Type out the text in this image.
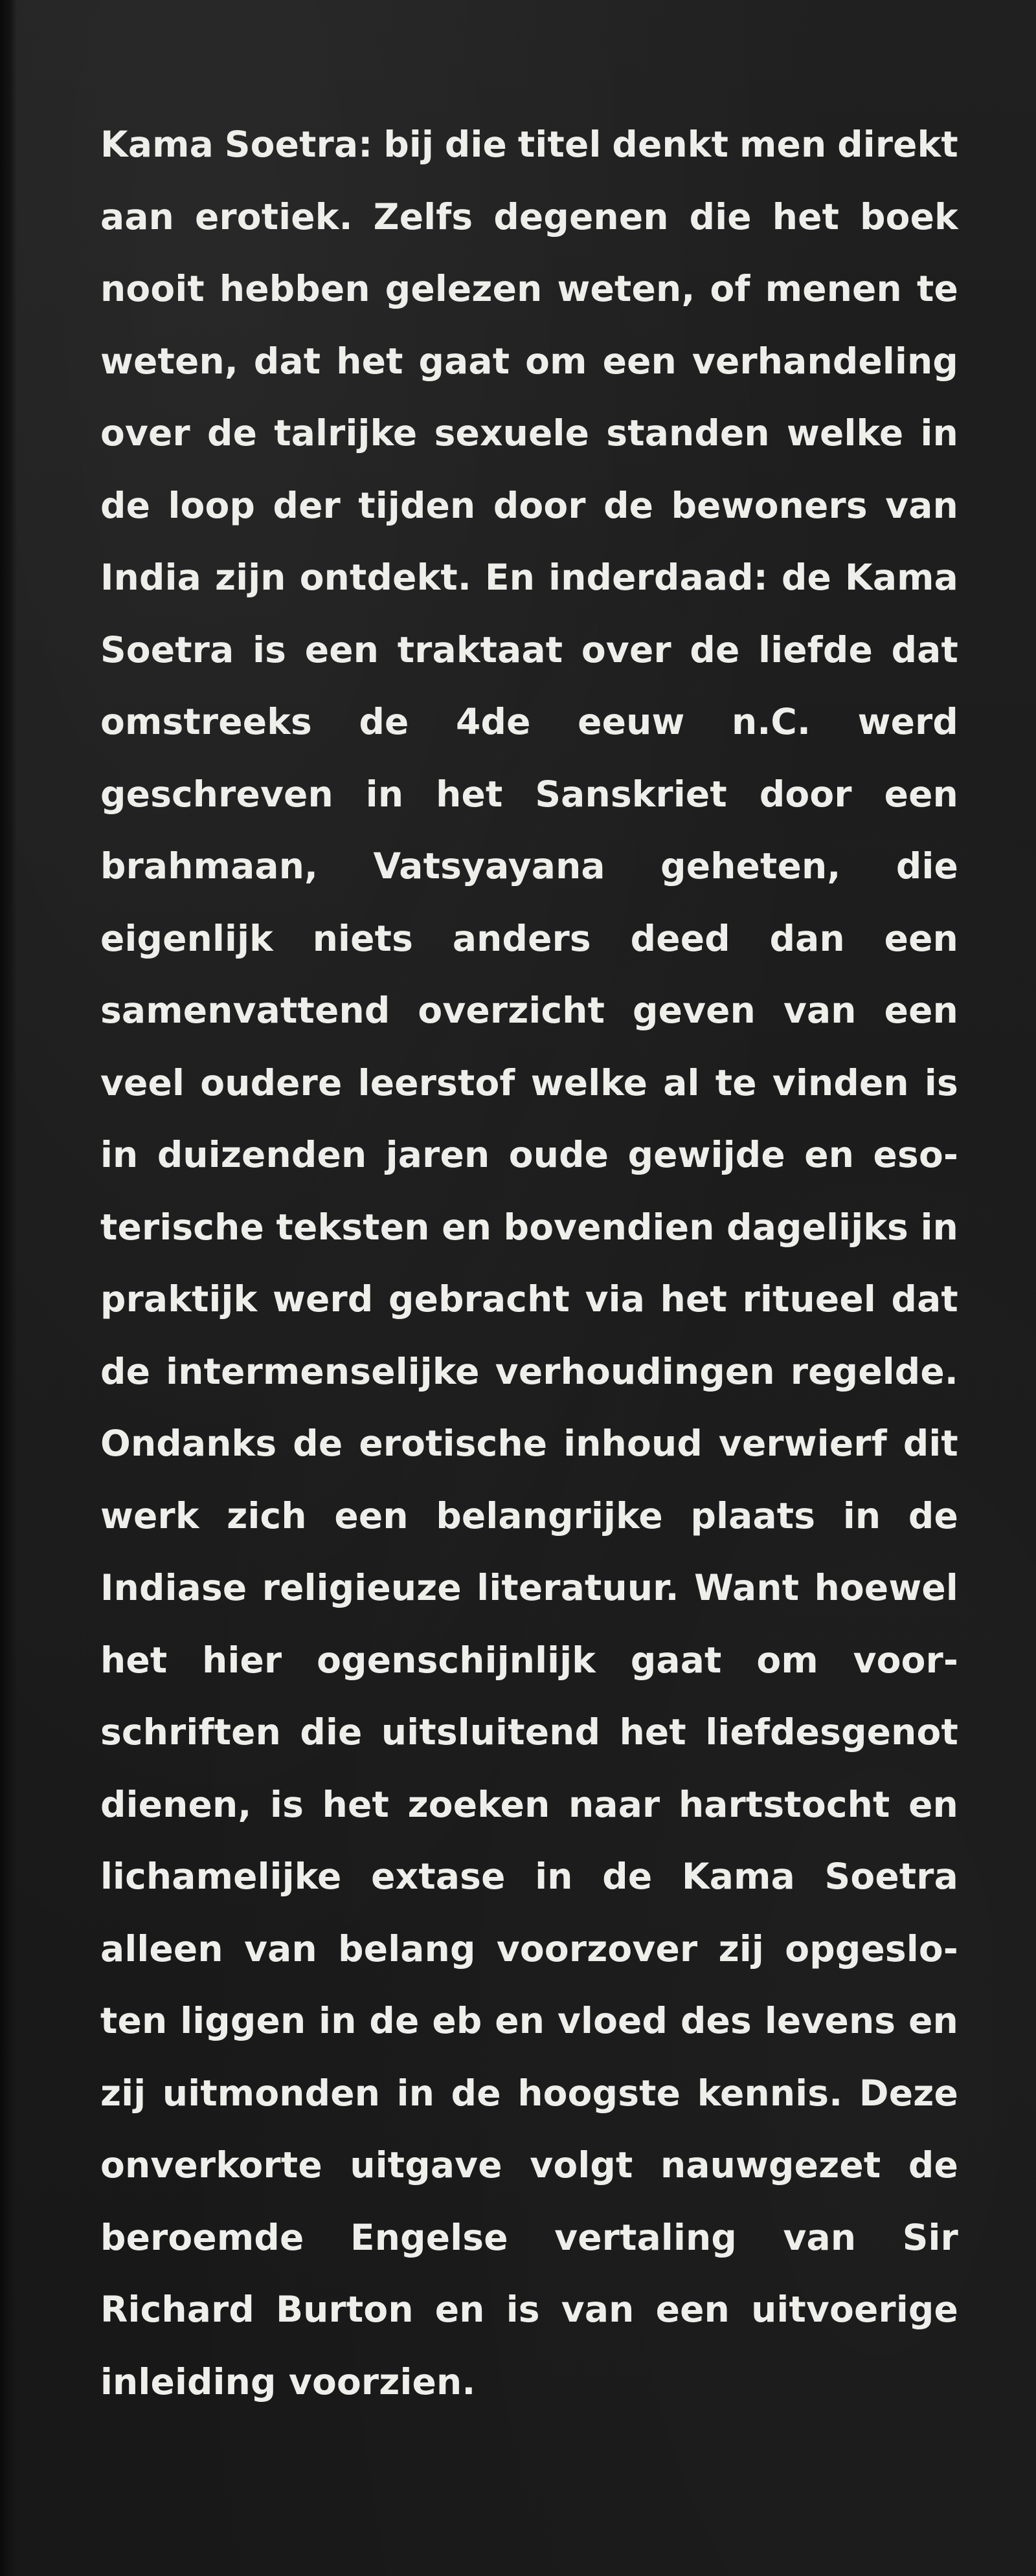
Kama Soetra: bij die titel denkt men direkt
aan erotiek. Zelfs degenen die het boek
nooit hebben gelezen weten, of menen te
weten, dat het gaat om een verhandeling
over de talrijke sexuele standen welke in
de loop der tijden door de bewoners van
India zijn ontdekt. En inderdaad: de Kama
Soetra is een traktaat over de liefde dat
omstreeks de 4de eeuw n.C. werd
geschreven in het Sanskriet door een
brahmaan, Vatsyayana geheten, die
eigenlijk niets anders deed dan een
samenvattend overzicht geven van een
veel oudere leerstof welke al te vinden is
in duizenden jaren oude gewijde en eso-
terische teksten en bovendien dagelijks in
praktijk werd gebracht via het ritueel dat
de intermenselijke verhoudingen regelde.
Ondanks de erotische inhoud verwierf dit
werk zich een belangrijke plaats in de
Indiase religieuze literatuur. Want hoewel
het hier ogenschijnlijk gaat om voor-
schriften die uitsluitend het liefdesgenot
dienen, is het zoeken naar hartstocht en
lichamelijke extase in de Kama Soetra
alleen van belang voorzover zij opgeslo-
ten liggen in de eb en vloed des levens en
zij uitmonden in de hoogste kennis. Deze
onverkorte uitgave volgt nauwgezet de
beroemde Engelse vertaling van Sir
Richard Burton en is van een uitvoerige
inleiding voorzien.
